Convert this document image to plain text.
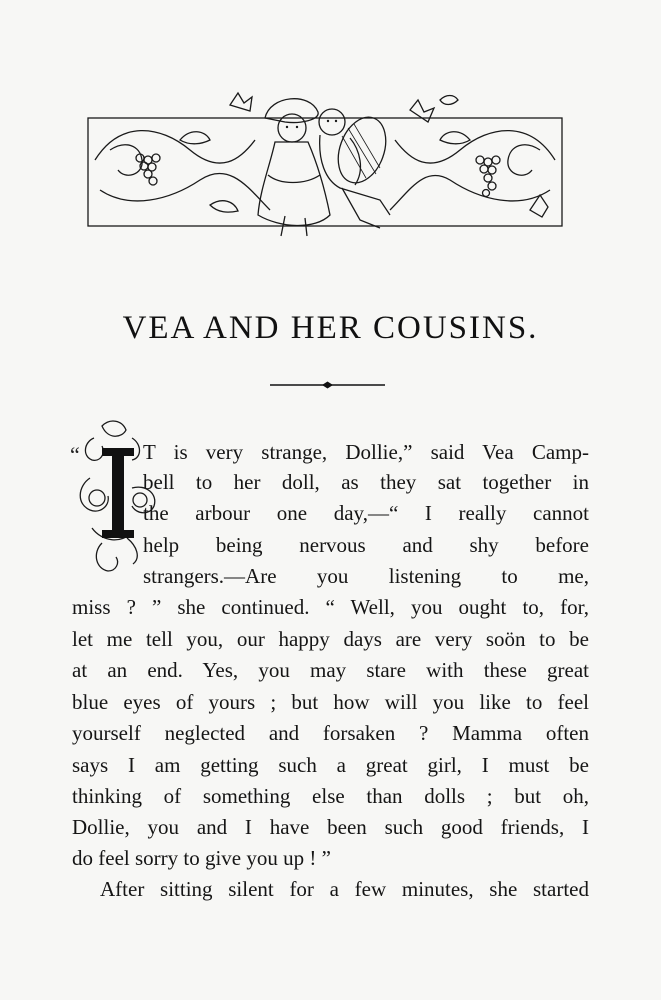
VEA AND HER COUSINS.
“
I
T is very strange, Dollie,” said Vea Camp-
bell to her doll, as they sat together in
the arbour one day,—“ I really cannot
help being nervous and shy before
strangers.—Are you listening to me,
miss ? ” she continued. “ Well, you ought to, for,
let me tell you, our happy days are very soön to be
at an end. Yes, you may stare with these great
blue eyes of yours ; but how will you like to feel
yourself neglected and forsaken ? Mamma often
says I am getting such a great girl, I must be
thinking of something else than dolls ; but oh,
Dollie, you and I have been such good friends, I
do feel sorry to give you up ! ”
After sitting silent for a few minutes, she started
